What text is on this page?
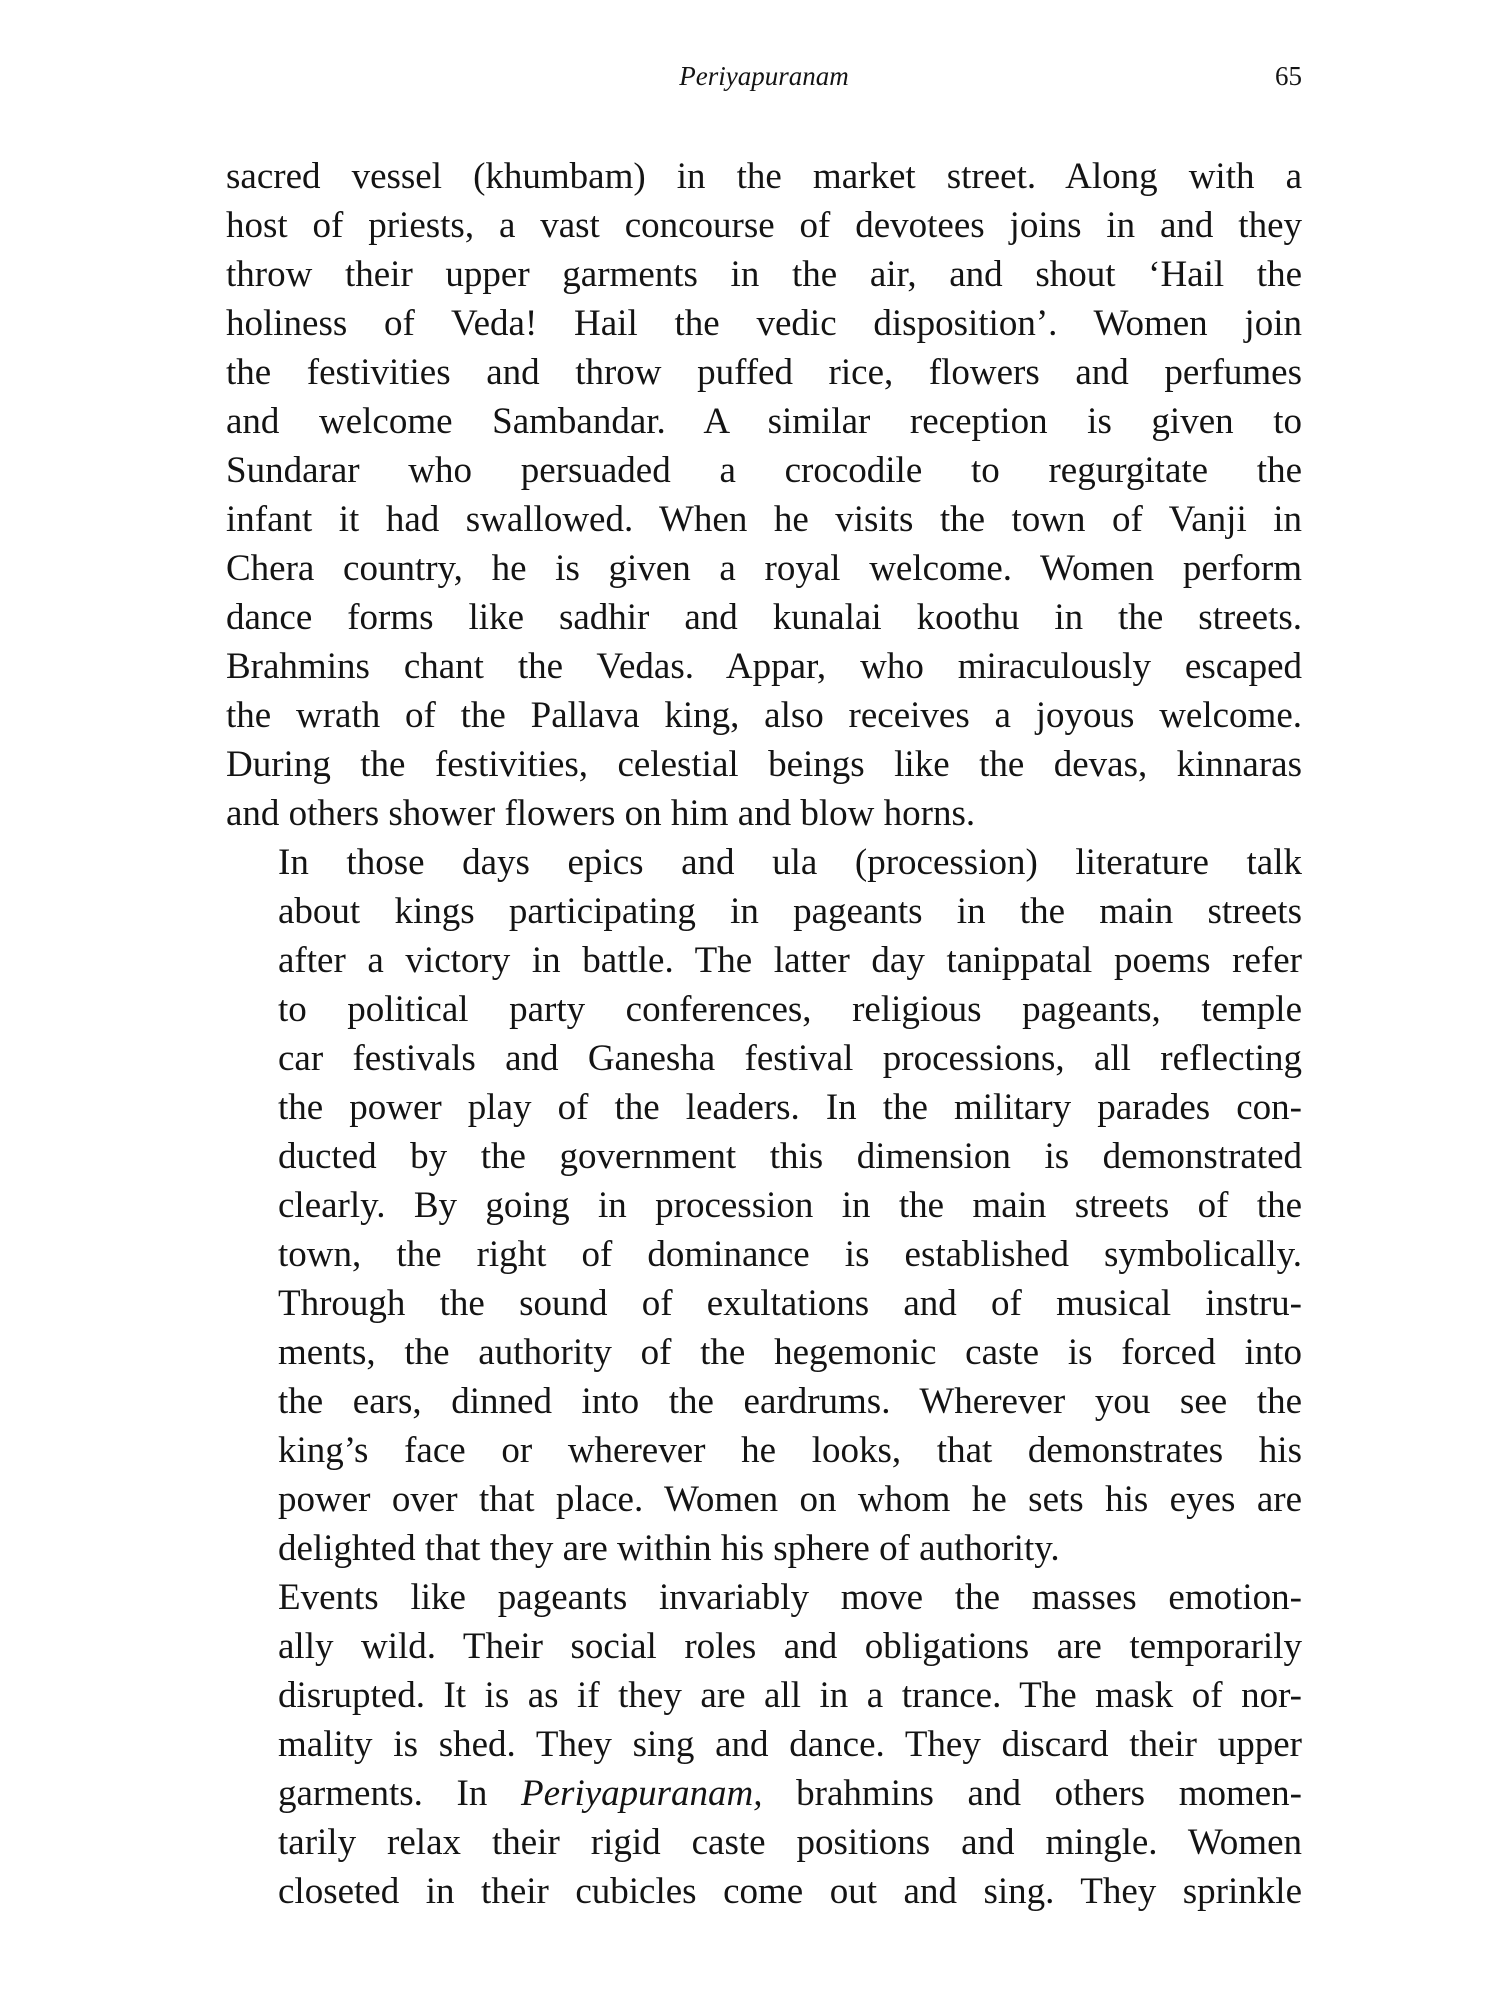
Periyapuranam	65

sacred vessel (khumbam) in the market street. Along with a
host of priests, a vast concourse of devotees joins in and they
throw their upper garments in the air, and shout ‘Hail the
holiness of Veda! Hail the vedic disposition’. Women join
the festivities and throw puffed rice, flowers and perfumes
and welcome Sambandar. A similar reception is given to
Sundarar who persuaded a crocodile to regurgitate the
infant it had swallowed. When he visits the town of Vanji in
Chera country, he is given a royal welcome. Women perform
dance forms like sadhir and kunalai koothu in the streets.
Brahmins chant the Vedas. Appar, who miraculously escaped
the wrath of the Pallava king, also receives a joyous welcome.
During the festivities, celestial beings like the devas, kinnaras
and others shower flowers on him and blow horns.

In those days epics and ula (procession) literature talk
about kings participating in pageants in the main streets
after a victory in battle. The latter day tanippatal poems refer
to political party conferences, religious pageants, temple
car festivals and Ganesha festival processions, all reflecting
the power play of the leaders. In the military parades con-
ducted by the government this dimension is demonstrated
clearly. By going in procession in the main streets of the
town, the right of dominance is established symbolically.
Through the sound of exultations and of musical instru-
ments, the authority of the hegemonic caste is forced into
the ears, dinned into the eardrums. Wherever you see the
king’s face or wherever he looks, that demonstrates his
power over that place. Women on whom he sets his eyes are
delighted that they are within his sphere of authority.

Events like pageants invariably move the masses emotion-
ally wild. Their social roles and obligations are temporarily
disrupted. It is as if they are all in a trance. The mask of nor-
mality is shed. They sing and dance. They discard their upper
garments. In Periyapuranam, brahmins and others momen-
tarily relax their rigid caste positions and mingle. Women
closeted in their cubicles come out and sing. They sprinkle
